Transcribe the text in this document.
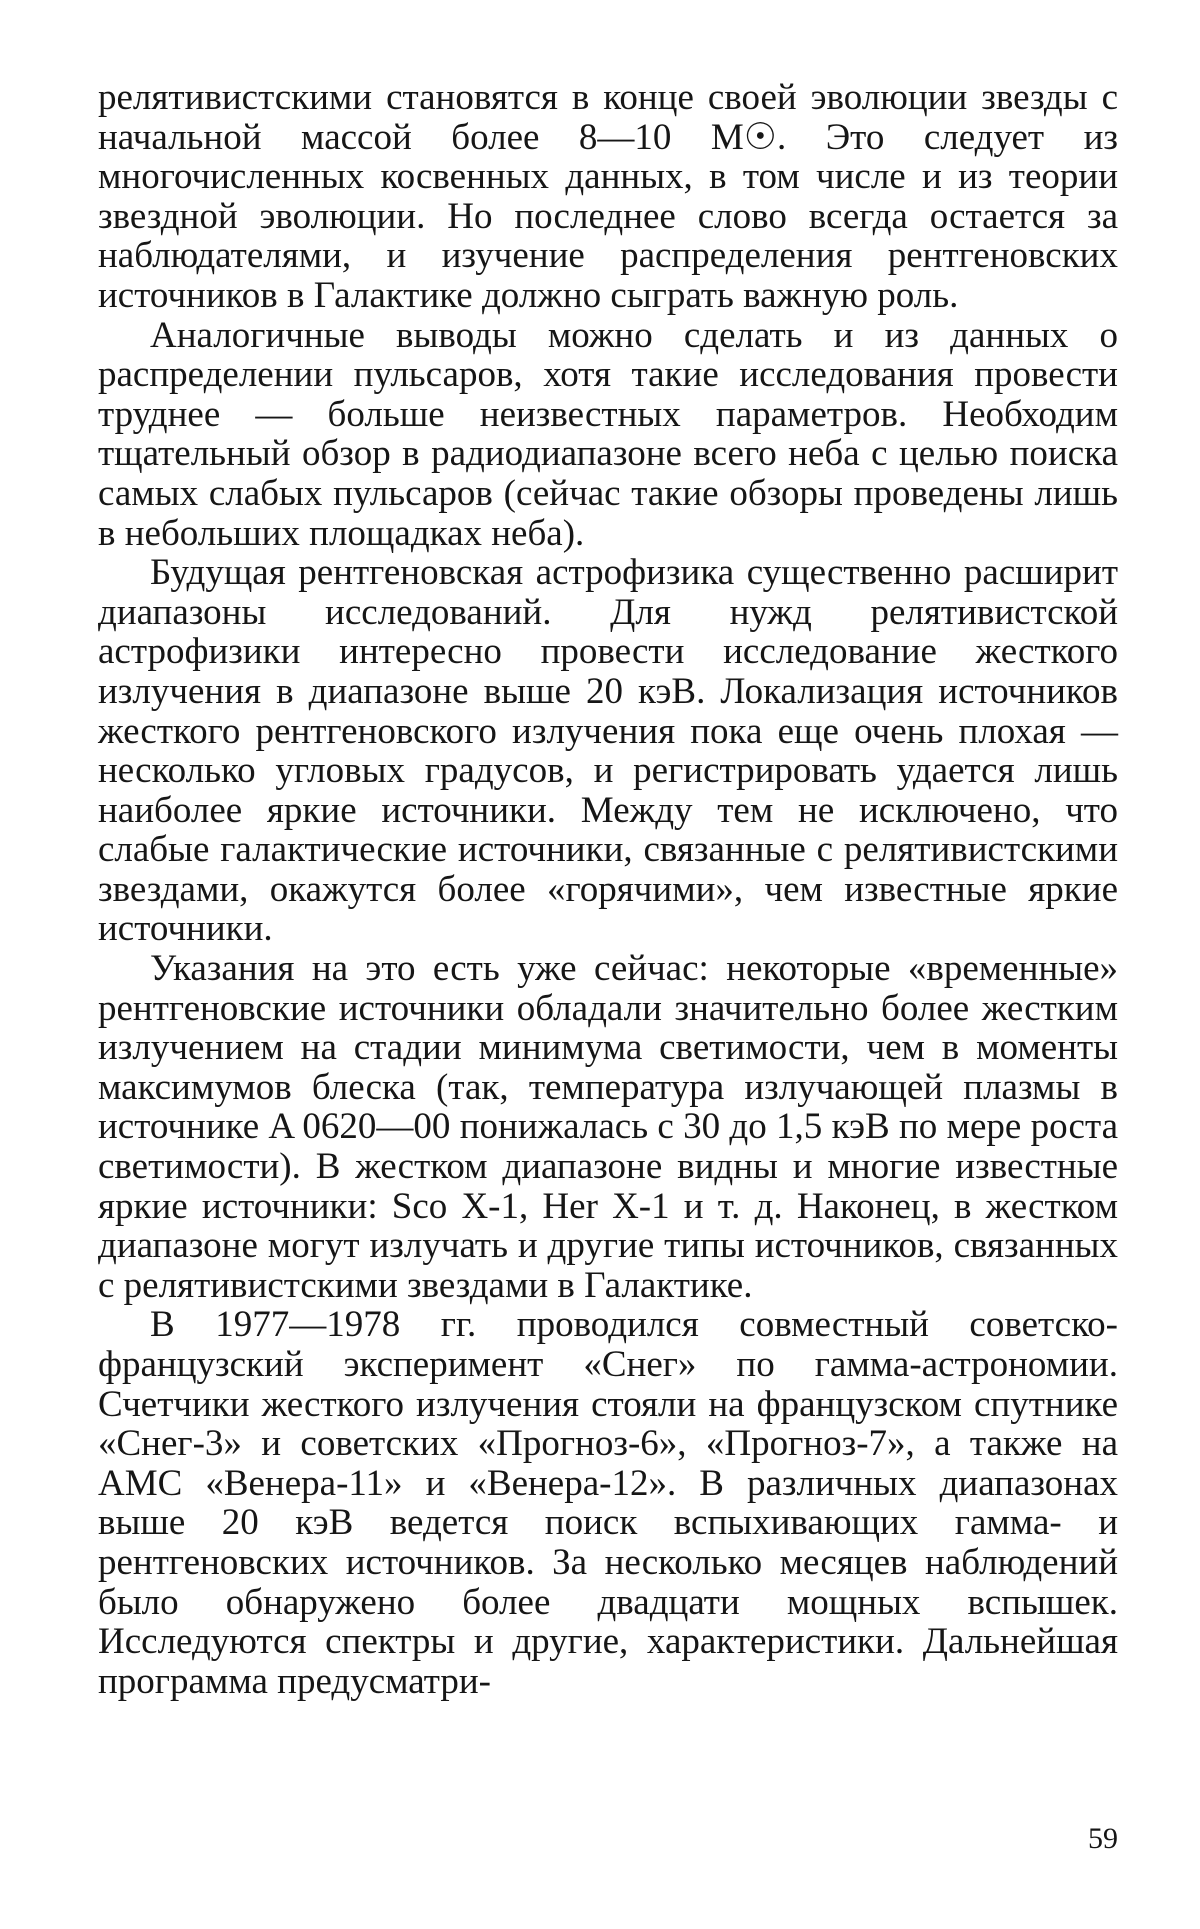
релятивистскими становятся в конце своей эволюции звезды с начальной массой более 8—10 M☉. Это следует из многочисленных косвенных данных, в том числе и из теории звездной эволюции. Но последнее слово всегда остается за наблюдателями, и изучение распределения рентгеновских источников в Галактике должно сыграть важную роль.

Аналогичные выводы можно сделать и из данных о распределении пульсаров, хотя такие исследования провести труднее — больше неизвестных параметров. Необходим тщательный обзор в радиодиапазоне всего неба с целью поиска самых слабых пульсаров (сейчас такие обзоры проведены лишь в небольших площадках неба).

Будущая рентгеновская астрофизика существенно расширит диапазоны исследований. Для нужд релятивистской астрофизики интересно провести исследование жесткого излучения в диапазоне выше 20 кэВ. Локализация источников жесткого рентгеновского излучения пока еще очень плохая — несколько угловых градусов, и регистрировать удается лишь наиболее яркие источники. Между тем не исключено, что слабые галактические источники, связанные с релятивистскими звездами, окажутся более «горячими», чем известные яркие источники.

Указания на это есть уже сейчас: некоторые «временные» рентгеновские источники обладали значительно более жестким излучением на стадии минимума светимости, чем в моменты максимумов блеска (так, температура излучающей плазмы в источнике A 0620—00 понижалась с 30 до 1,5 кэВ по мере роста светимости). В жестком диапазоне видны и многие известные яркие источники: Sco X-1, Her X-1 и т. д. Наконец, в жестком диапазоне могут излучать и другие типы источников, связанных с релятивистскими звездами в Галактике.

В 1977—1978 гг. проводился совместный советско-французский эксперимент «Снег» по гамма-астрономии. Счетчики жесткого излучения стояли на французском спутнике «Снег-3» и советских «Прогноз-6», «Прогноз-7», а также на АМС «Венера-11» и «Венера-12». В различных диапазонах выше 20 кэВ ведется поиск вспыхивающих гамма- и рентгеновских источников. За несколько месяцев наблюдений было обнаружено более двадцати мощных вспышек. Исследуются спектры и другие, характеристики. Дальнейшая программа предусматри-

59
